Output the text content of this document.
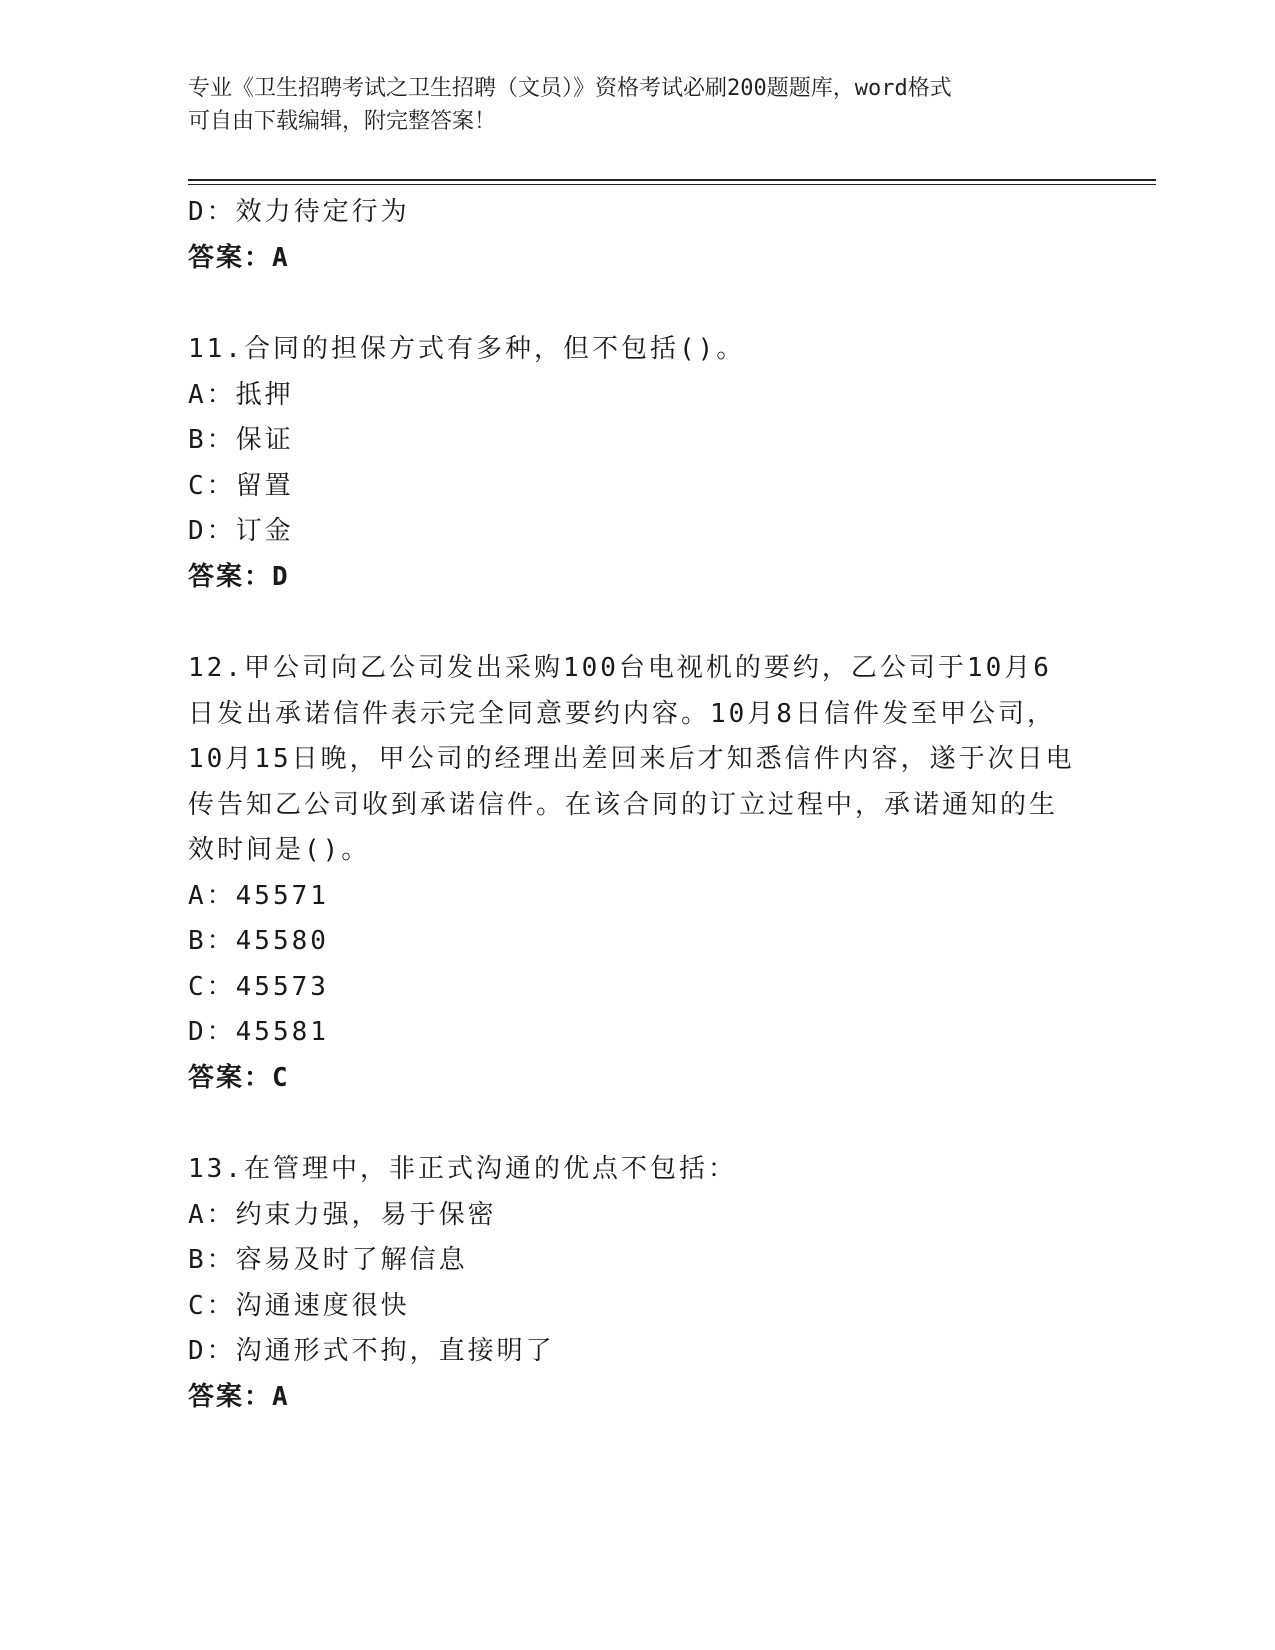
专业《卫生招聘考试之卫生招聘（文员）》资格考试必刷200题题库，word格式
可自由下载编辑，附完整答案！
D：效力待定行为
答案：A
11.合同的担保方式有多种，但不包括()。
A：抵押
B：保证
C：留置
D：订金
答案：D
12.甲公司向乙公司发出采购100台电视机的要约，乙公司于10月6
日发出承诺信件表示完全同意要约内容。10月8日信件发至甲公司，
10月15日晚，甲公司的经理出差回来后才知悉信件内容，遂于次日电
传告知乙公司收到承诺信件。在该合同的订立过程中，承诺通知的生
效时间是()。
A：45571
B：45580
C：45573
D：45581
答案：C
13.在管理中，非正式沟通的优点不包括：
A：约束力强，易于保密
B：容易及时了解信息
C：沟通速度很快
D：沟通形式不拘，直接明了
答案：A
